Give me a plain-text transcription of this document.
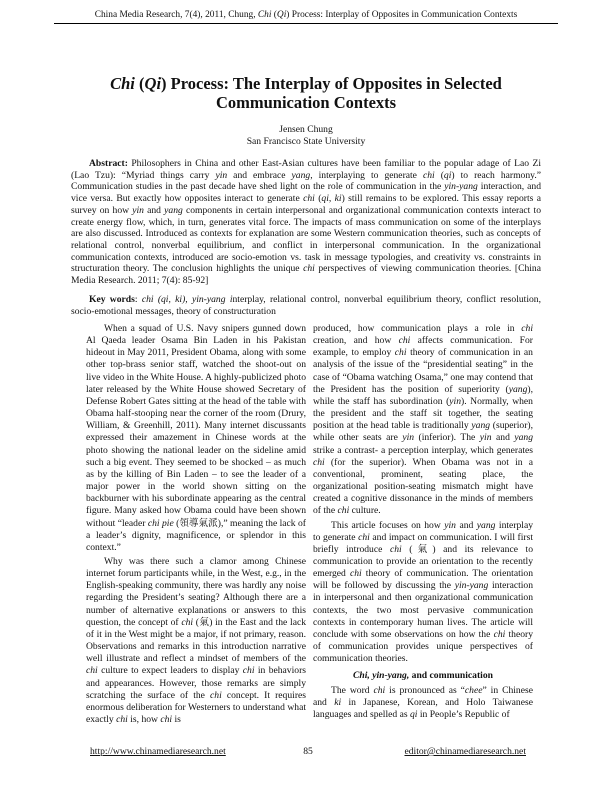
China Media Research, 7(4), 2011, Chung, Chi (Qi) Process: Interplay of Opposites in Communication Contexts
Chi (Qi) Process: The Interplay of Opposites in Selected Communication Contexts
Jensen Chung
San Francisco State University

Abstract: Philosophers in China and other East-Asian cultures have been familiar to the popular adage of Lao Zi (Lao Tzu): “Myriad things carry yin and embrace yang, interplaying to generate chi (qi) to reach harmony.” Communication studies in the past decade have shed light on the role of communication in the yin-yang interaction, and vice versa. But exactly how opposites interact to generate chi (qi, ki) still remains to be explored. This essay reports a survey on how yin and yang components in certain interpersonal and organizational communication contexts interact to create energy flow, which, in turn, generates vital force. The impacts of mass communication on some of the interplays are also discussed. Introduced as contexts for explanation are some Western communication theories, such as concepts of relational control, nonverbal equilibrium, and conflict in interpersonal communication. In the organizational communication contexts, introduced are socio-emotion vs. task in message typologies, and creativity vs. constraints in structuration theory. The conclusion highlights the unique chi perspectives of viewing communication theories. [China Media Research. 2011; 7(4): 85-92]

Key words: chi (qi, ki), yin-yang interplay, relational control, nonverbal equilibrium theory, conflict resolution, socio-emotional messages, theory of constructuration

When a squad of U.S. Navy snipers gunned down Al Qaeda leader Osama Bin Laden in his Pakistan hideout in May 2011, President Obama, along with some other top-brass senior staff, watched the shoot-out on live video in the White House. A highly-publicized photo later released by the White House showed Secretary of Defense Robert Gates sitting at the head of the table with Obama half-stooping near the corner of the room (Drury, William, & Greenhill, 2011). Many internet discussants expressed their amazement in Chinese words at the photo showing the national leader on the sideline amid such a big event. They seemed to be shocked – as much as by the killing of Bin Laden – to see the leader of a major power in the world shown sitting on the backburner with his subordinate appearing as the central figure. Many asked how Obama could have been shown without “leader chi pie (領導氣派),” meaning the lack of a leader’s dignity, magnificence, or splendor in this context.”

Why was there such a clamor among Chinese internet forum participants while, in the West, e.g., in the English-speaking community, there was hardly any noise regarding the President’s seating? Although there are a number of alternative explanations or answers to this question, the concept of chi (氣) in the East and the lack of it in the West might be a major, if not primary, reason. Observations and remarks in this introduction narrative well illustrate and reflect a mindset of members of the chi culture to expect leaders to display chi in behaviors and appearances. However, those remarks are simply scratching the surface of the chi concept. It requires enormous deliberation for Westerners to understand what exactly chi is, how chi is

produced, how communication plays a role in chi creation, and how chi affects communication. For example, to employ chi theory of communication in an analysis of the issue of the “presidential seating” in the case of “Obama watching Osama,” one may contend that the President has the position of superiority (yang), while the staff has subordination (yin). Normally, when the president and the staff sit together, the seating position at the head table is traditionally yang (superior), while other seats are yin (inferior). The yin and yang strike a contrast- a perception interplay, which generates chi (for the superior). When Obama was not in a conventional, prominent, seating place, the organizational position-seating mismatch might have created a cognitive dissonance in the minds of members of the chi culture.

This article focuses on how yin and yang interplay to generate chi and impact on communication. I will first briefly introduce chi (氣) and its relevance to communication to provide an orientation to the recently emerged chi theory of communication. The orientation will be followed by discussing the yin-yang interaction in interpersonal and then organizational communication contexts, the two most pervasive communication contexts in contemporary human lives. The article will conclude with some observations on how the chi theory of communication provides unique perspectives of communication theories.

Chi, yin-yang, and communication

The word chi is pronounced as “chee” in Chinese and ki in Japanese, Korean, and Holo Taiwanese languages and spelled as qi in People’s Republic of

http://www.chinamediaresearch.net	85	editor@chinamediaresearch.net
